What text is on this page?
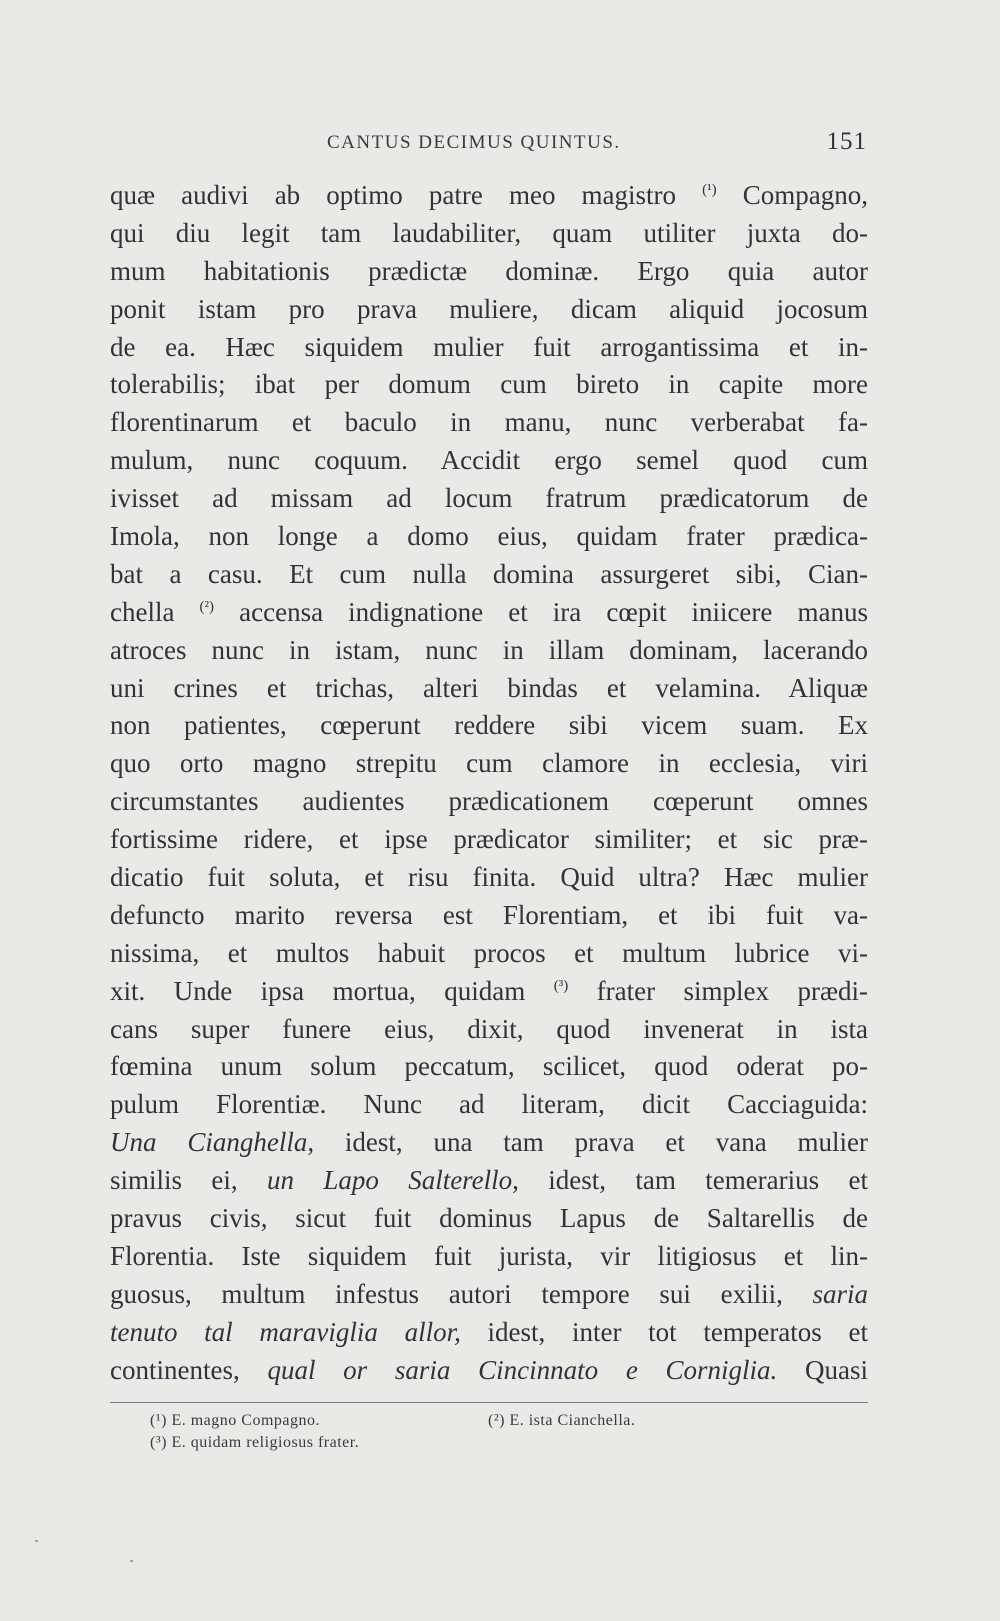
CANTUS DECIMUS QUINTUS.	151
quæ audivi ab optimo patre meo magistro $^{(^1)}$ Compagno,
qui diu legit tam laudabiliter, quam utiliter juxta do-
mum habitationis prædictæ dominæ. Ergo quia autor
ponit istam pro prava muliere, dicam aliquid jocosum
de ea. Hæc siquidem mulier fuit arrogantissima et in-
tolerabilis; ibat per domum cum bireto in capite more
florentinarum et baculo in manu, nunc verberabat fa-
mulum, nunc coquum. Accidit ergo semel quod cum
ivisset ad missam ad locum fratrum prædicatorum de
Imola, non longe a domo eius, quidam frater prædica-
bat a casu. Et cum nulla domina assurgeret sibi, Cian-
chella $^{(^2)}$ accensa indignatione et ira cœpit iniicere manus
atroces nunc in istam, nunc in illam dominam, lacerando
uni crines et trichas, alteri bindas et velamina. Aliquæ
non patientes, cœperunt reddere sibi vicem suam. Ex
quo orto magno strepitu cum clamore in ecclesia, viri
circumstantes audientes prædicationem cœperunt omnes
fortissime ridere, et ipse prædicator similiter; et sic præ-
dicatio fuit soluta, et risu finita. Quid ultra? Hæc mulier
defuncto marito reversa est Florentiam, et ibi fuit va-
nissima, et multos habuit procos et multum lubrice vi-
xit. Unde ipsa mortua, quidam $^{(^3)}$ frater simplex prædi-
cans super funere eius, dixit, quod invenerat in ista
fœmina unum solum peccatum, scilicet, quod oderat po-
pulum Florentiæ. Nunc ad literam, dicit Cacciaguida:
Una Cianghella, idest, una tam prava et vana mulier
similis ei, un Lapo Salterello, idest, tam temerarius et
pravus civis, sicut fuit dominus Lapus de Saltarellis de
Florentia. Iste siquidem fuit jurista, vir litigiosus et lin-
guosus, multum infestus autori tempore sui exilii, saria
tenuto tal maraviglia allor, idest, inter tot temperatos et
continentes, qual or saria Cincinnato e Corniglia. Quasi
(¹) E. magno Compagno.	(²) E. ista Cianchella.
(³) E. quidam religiosus frater.
